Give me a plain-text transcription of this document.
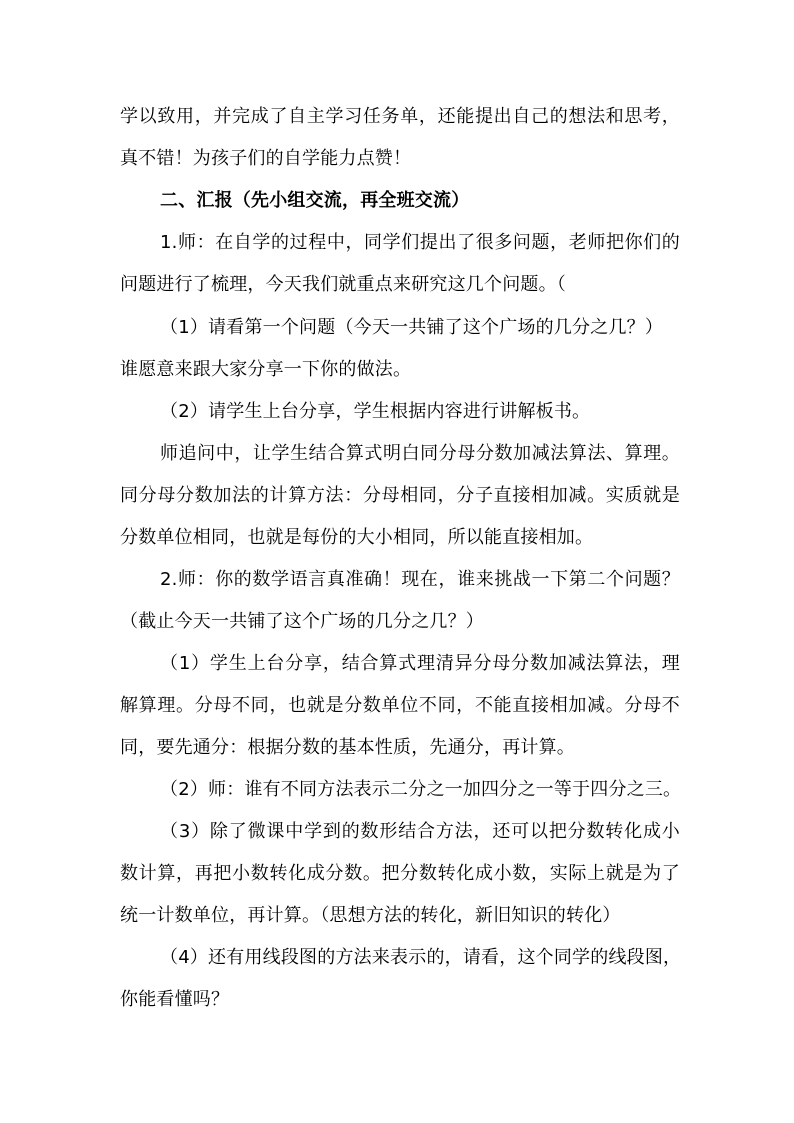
学以致用，并完成了自主学习任务单，还能提出自己的想法和思考，
真不错！为孩子们的自学能力点赞！
二、汇报（先小组交流，再全班交流）
1.师：在自学的过程中，同学们提出了很多问题，老师把你们的
问题进行了梳理，今天我们就重点来研究这几个问题。（
（1）请看第一个问题（今天一共铺了这个广场的几分之几？）
谁愿意来跟大家分享一下你的做法。
（2）请学生上台分享，学生根据内容进行讲解板书。
师追问中，让学生结合算式明白同分母分数加减法算法、算理。
同分母分数加法的计算方法：分母相同，分子直接相加减。实质就是
分数单位相同，也就是每份的大小相同，所以能直接相加。
2.师：你的数学语言真准确！现在，谁来挑战一下第二个问题？
（截止今天一共铺了这个广场的几分之几？）
（1）学生上台分享，结合算式理清异分母分数加减法算法，理
解算理。分母不同，也就是分数单位不同，不能直接相加减。分母不
同，要先通分：根据分数的基本性质，先通分，再计算。
（2）师：谁有不同方法表示二分之一加四分之一等于四分之三。
（3）除了微课中学到的数形结合方法，还可以把分数转化成小
数计算，再把小数转化成分数。把分数转化成小数，实际上就是为了
统一计数单位，再计算。（思想方法的转化，新旧知识的转化）
（4）还有用线段图的方法来表示的，请看，这个同学的线段图，
你能看懂吗？
